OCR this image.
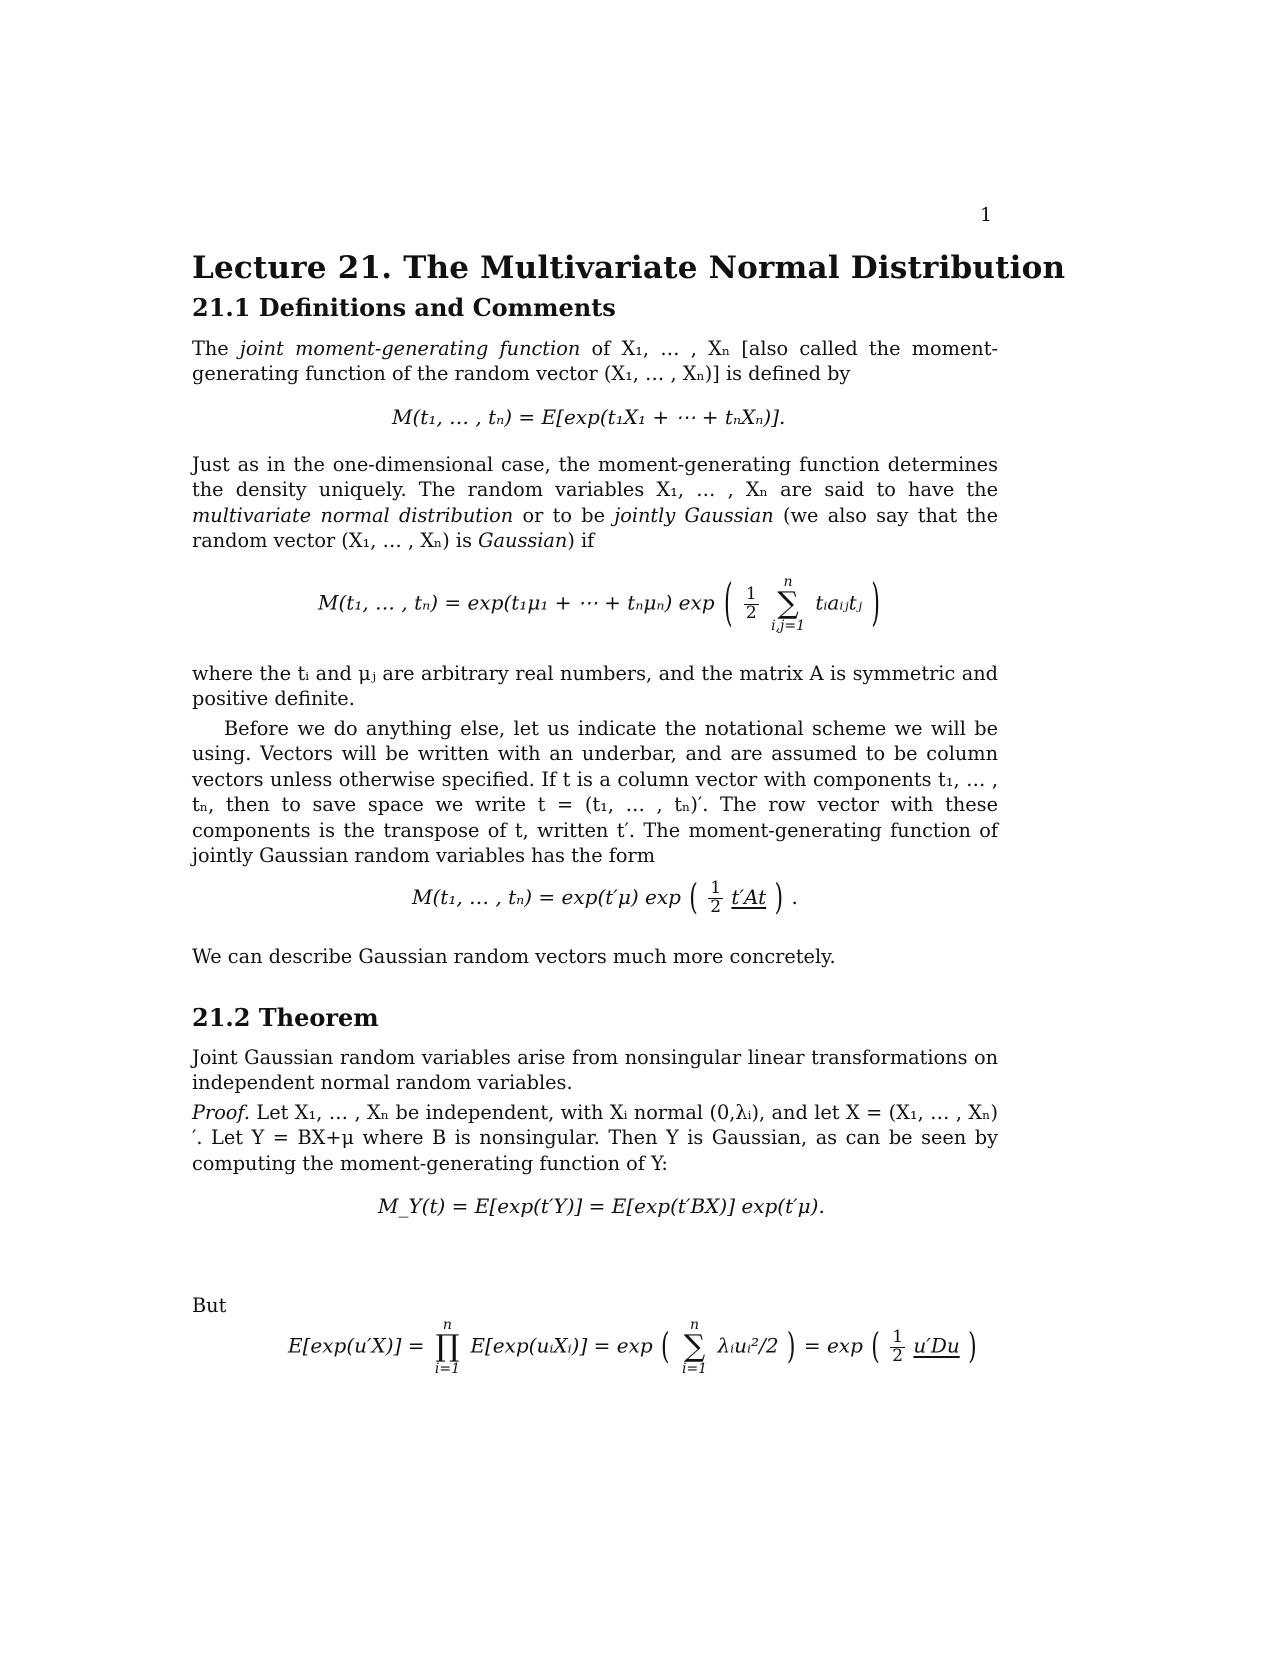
1
Lecture 21. The Multivariate Normal Distribution
21.1 Definitions and Comments

The joint moment-generating function of X₁, … , Xₙ [also called the moment-generating function of the random vector (X₁, … , Xₙ)] is defined by

M(t₁, … , tₙ) = E[exp(t₁X₁ + ⋯ + tₙXₙ)].

Just as in the one-dimensional case, the moment-generating function determines the density uniquely. The random variables X₁, … , Xₙ are said to have the multivariate normal distribution or to be jointly Gaussian (we also say that the random vector (X₁, … , Xₙ) is Gaussian) if

M(t₁, … , tₙ) = exp(t₁μ₁ + ⋯ + tₙμₙ) exp ( $\frac{1}{2}$

n
∑
i,j=1
tᵢaᵢⱼtⱼ )
where the tᵢ and μⱼ are arbitrary real numbers, and the matrix A is symmetric and positive definite.

Before we do anything else, let us indicate the notational scheme we will be using. Vectors will be written with an underbar, and are assumed to be column vectors unless otherwise specified. If t is a column vector with components t₁, … , tₙ, then to save space we write t = (t₁, … , tₙ)′. The row vector with these components is the transpose of t, written t′. The moment-generating function of jointly Gaussian random variables has the form

M(t₁, … , tₙ) = exp(t′μ) exp ( $\frac{1}{2} t'At$ ) .
We can describe Gaussian random vectors much more concretely.
21.2 Theorem
Joint Gaussian random variables arise from nonsingular linear transformations on independent normal random variables.

Proof. Let X₁, … , Xₙ be independent, with Xᵢ normal (0,λᵢ), and let X = (X₁, … , Xₙ)′. Let Y = BX+μ where B is nonsingular. Then Y is Gaussian, as can be seen by computing the moment-generating function of Y:

M_Y(t) = E[exp(t′Y)] = E[exp(t′BX)] exp(t′μ).
But
E[exp(u′X)] =
n
∏
i=1
E[exp(uᵢXᵢ)] = exp (
n
∑
i=1
λᵢuᵢ²/2 ) = exp ( $\frac{1}{2} u'Du$ )
